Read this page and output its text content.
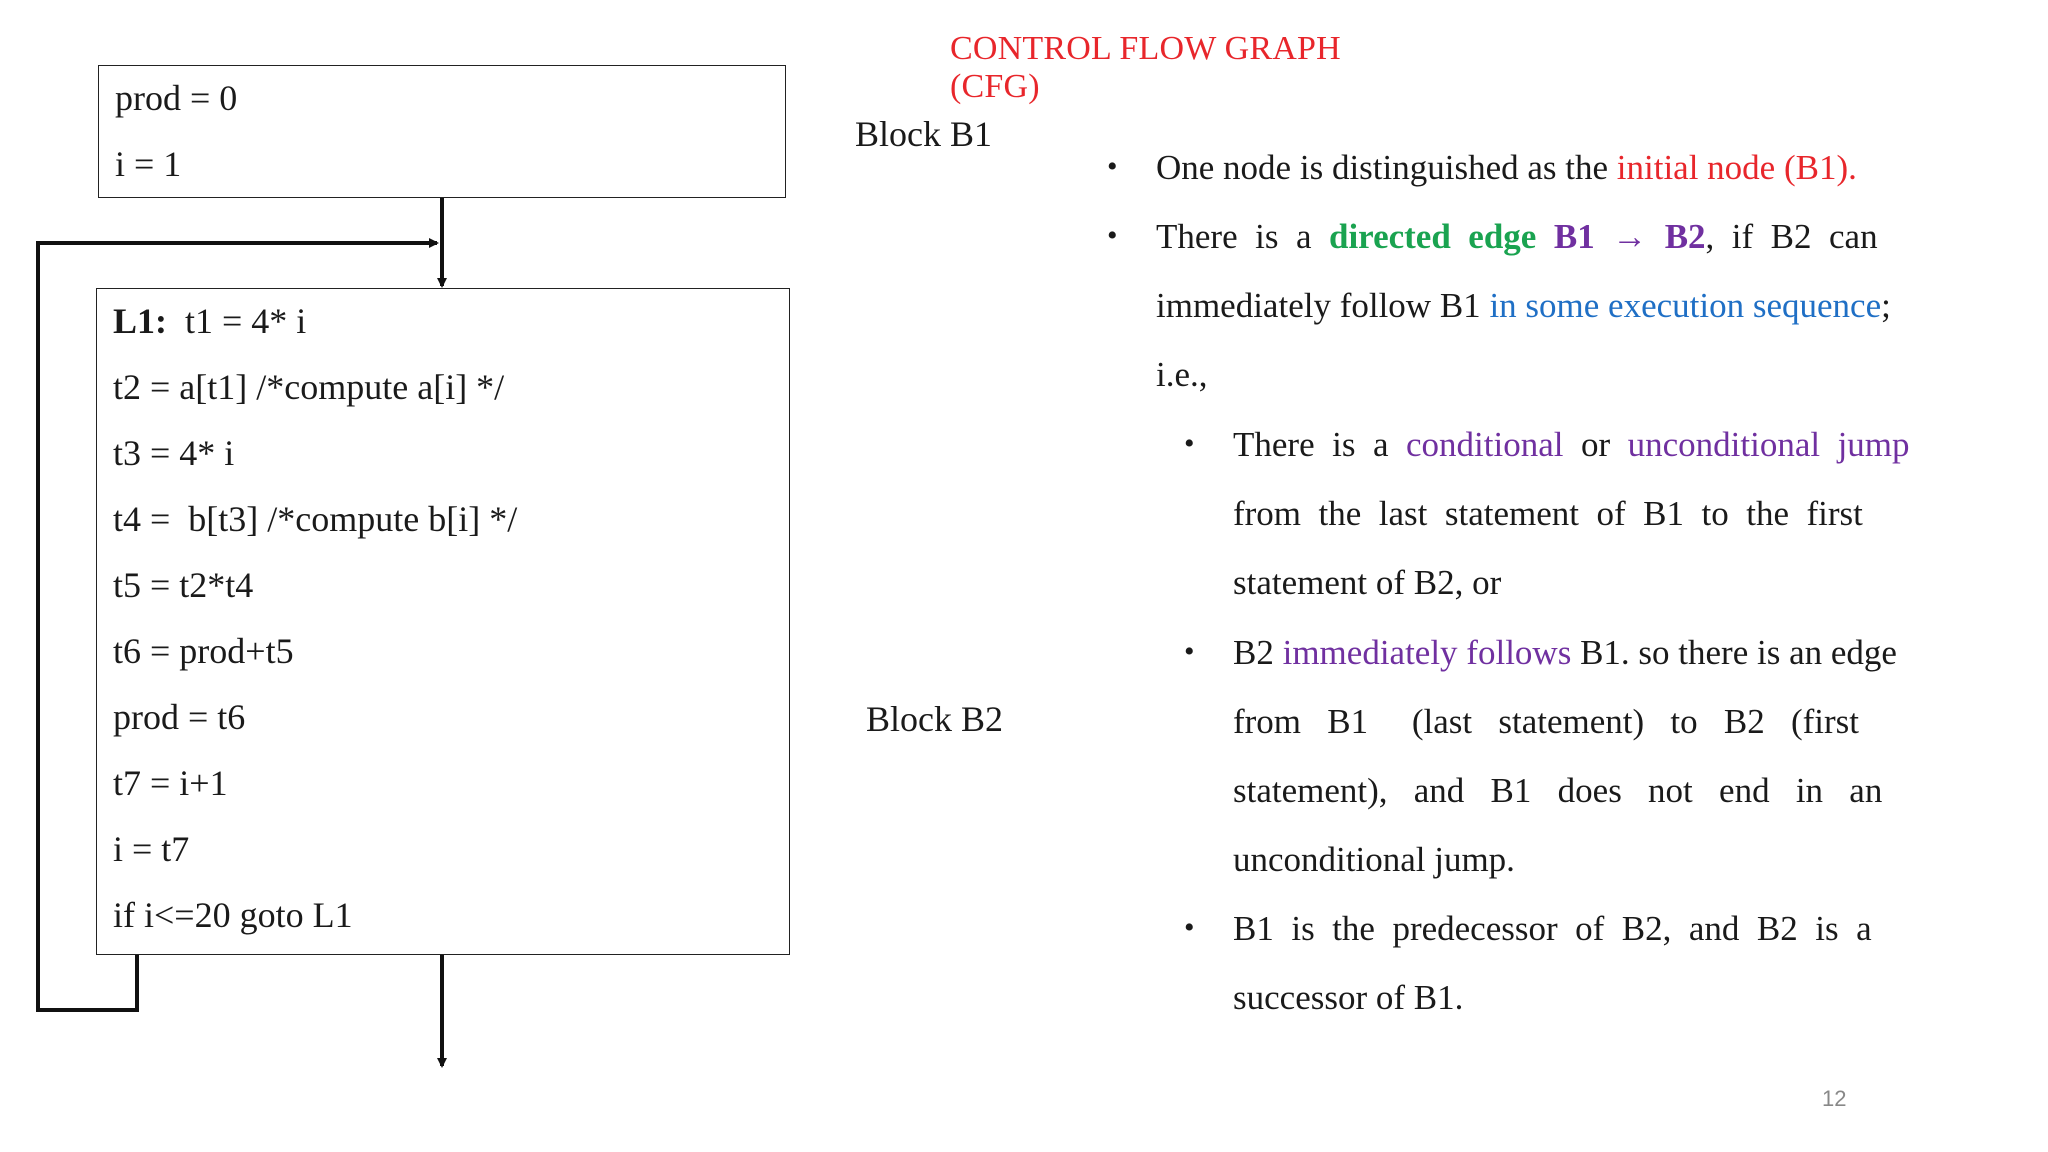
CONTROL FLOW GRAPH (CFG)
prod = 0
i = 1
Block B1
L1:  t1 = 4* i
t2 = a[t1] /*compute a[i] */
t3 = 4* i
t4 =  b[t3] /*compute b[i] */
t5 = t2*t4
t6 = prod+t5
prod = t6
t7 = i+1
i = t7
if i<=20 goto L1
Block B2
• One node is distinguished as the initial node (B1).
• There  is  a  directed  edge B1  →  B2,  if  B2  can
immediately follow B1 in some execution sequence;
i.e.,
• There  is  a  conditional  or  unconditional  jump
from  the  last  statement  of  B1  to  the  first
statement of B2, or
• B2 immediately follows B1. so there is an edge
from   B1     (last   statement)   to   B2   (first
statement),   and   B1   does   not   end   in   an
unconditional jump.
• B1  is  the  predecessor  of  B2,  and  B2  is  a
successor of B1.
12
